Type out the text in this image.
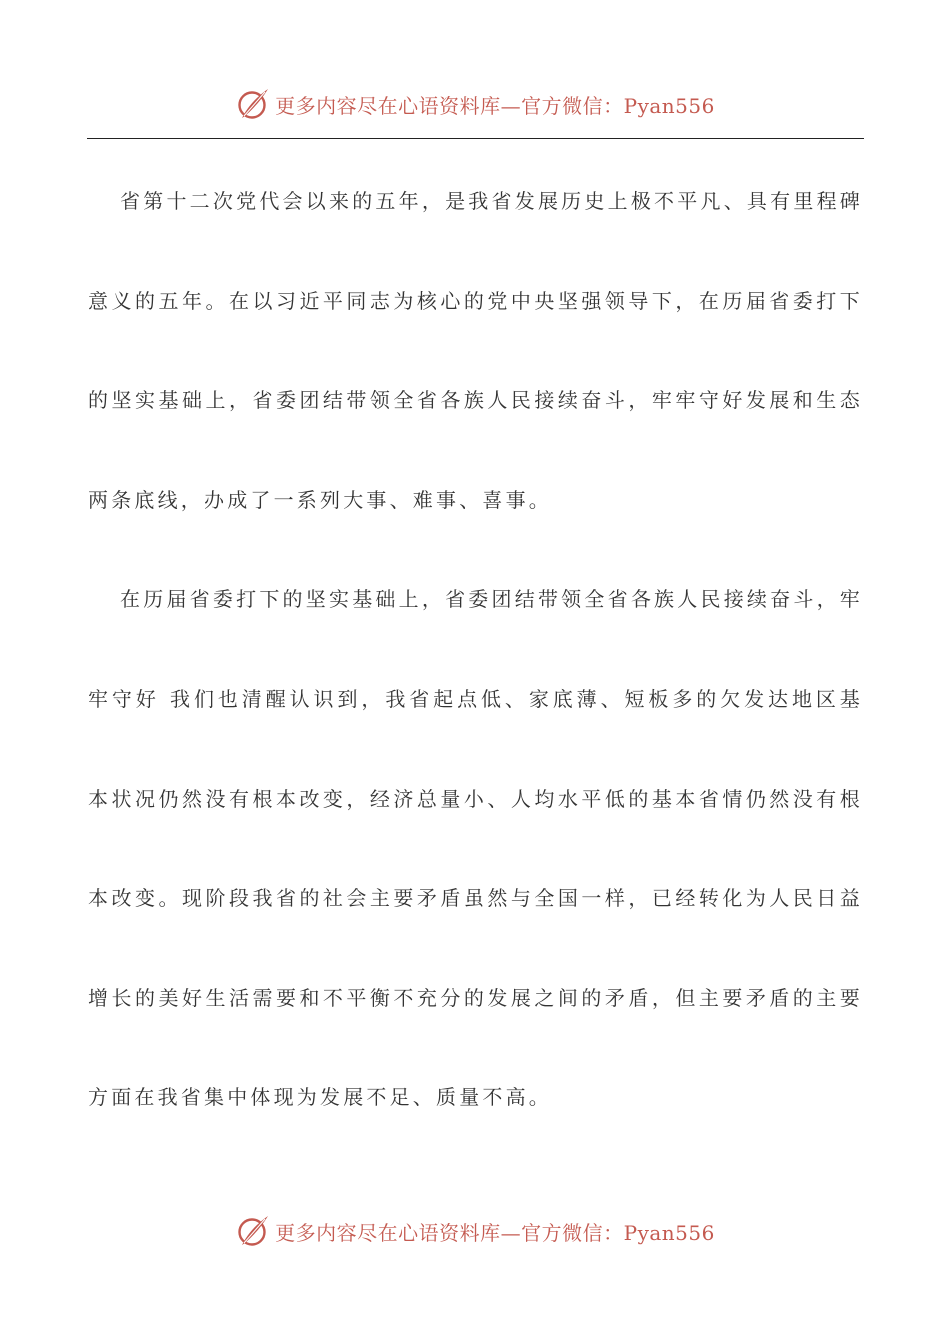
更多内容尽在心语资料库—官方微信：Pyan556

省第十二次党代会以来的五年，是我省发展历史上极不平凡、具有里程碑意义的五年。在以习近平同志为核心的党中央坚强领导下，在历届省委打下的坚实基础上，省委团结带领全省各族人民接续奋斗，牢牢守好发展和生态两条底线，办成了一系列大事、难事、喜事。

在历届省委打下的坚实基础上，省委团结带领全省各族人民接续奋斗，牢牢守好 我们也清醒认识到，我省起点低、家底薄、短板多的欠发达地区基本状况仍然没有根本改变，经济总量小、人均水平低的基本省情仍然没有根本改变。现阶段我省的社会主要矛盾虽然与全国一样，已经转化为人民日益增长的美好生活需要和不平衡不充分的发展之间的矛盾，但主要矛盾的主要方面在我省集中体现为发展不足、质量不高。

更多内容尽在心语资料库—官方微信：Pyan556
